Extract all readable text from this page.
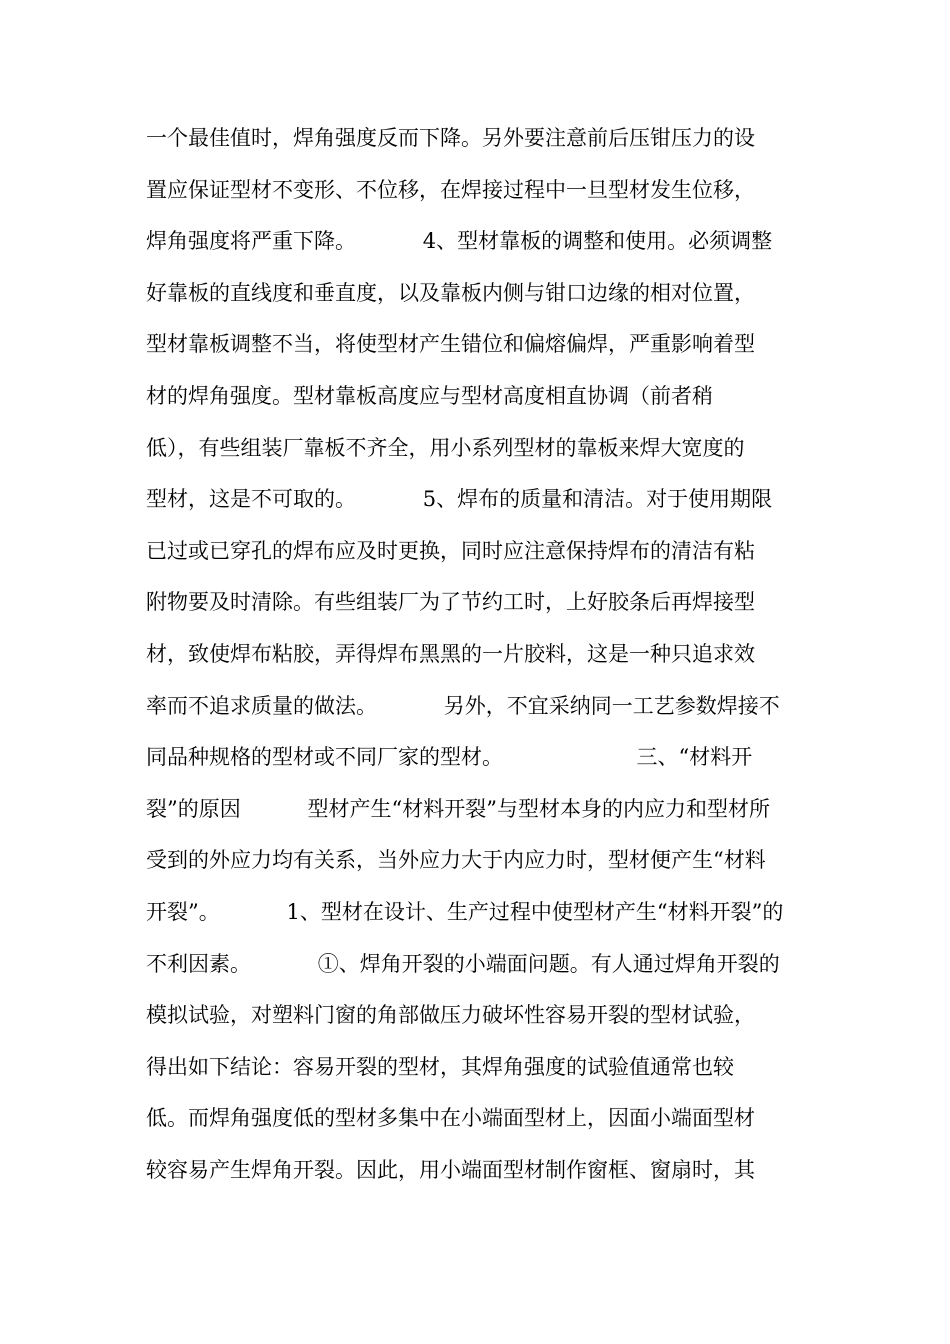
一个最佳值时，焊角强度反而下降。另外要注意前后压钳压力的设
置应保证型材不变形、不位移，在焊接过程中一旦型材发生位移，
焊角强度将严重下降。          4、型材靠板的调整和使用。必须调整
好靠板的直线度和垂直度，以及靠板内侧与钳口边缘的相对位置，
型材靠板调整不当，将使型材产生错位和偏熔偏焊，严重影响着型
材的焊角强度。型材靠板高度应与型材高度相直协调（前者稍
低），有些组装厂靠板不齐全，用小系列型材的靠板来焊大宽度的
型材，这是不可取的。          5、焊布的质量和清洁。对于使用期限
已过或已穿孔的焊布应及时更换，同时应注意保持焊布的清洁有粘
附物要及时清除。有些组装厂为了节约工时，上好胶条后再焊接型
材，致使焊布粘胶，弄得焊布黑黑的一片胶料，这是一种只追求效
率而不追求质量的做法。          另外，不宜采纳同一工艺参数焊接不
同品种规格的型材或不同厂家的型材。                    三、“材料开
裂”的原因          型材产生“材料开裂”与型材本身的内应力和型材所
受到的外应力均有关系，当外应力大于内应力时，型材便产生“材料
开裂”。          1、型材在设计、生产过程中使型材产生“材料开裂”的
不利因素。          ①、焊角开裂的小端面问题。有人通过焊角开裂的
模拟试验，对塑料门窗的角部做压力破坏性容易开裂的型材试验，
得出如下结论：容易开裂的型材，其焊角强度的试验值通常也较
低。而焊角强度低的型材多集中在小端面型材上，因面小端面型材
较容易产生焊角开裂。因此，用小端面型材制作窗框、窗扇时，其
